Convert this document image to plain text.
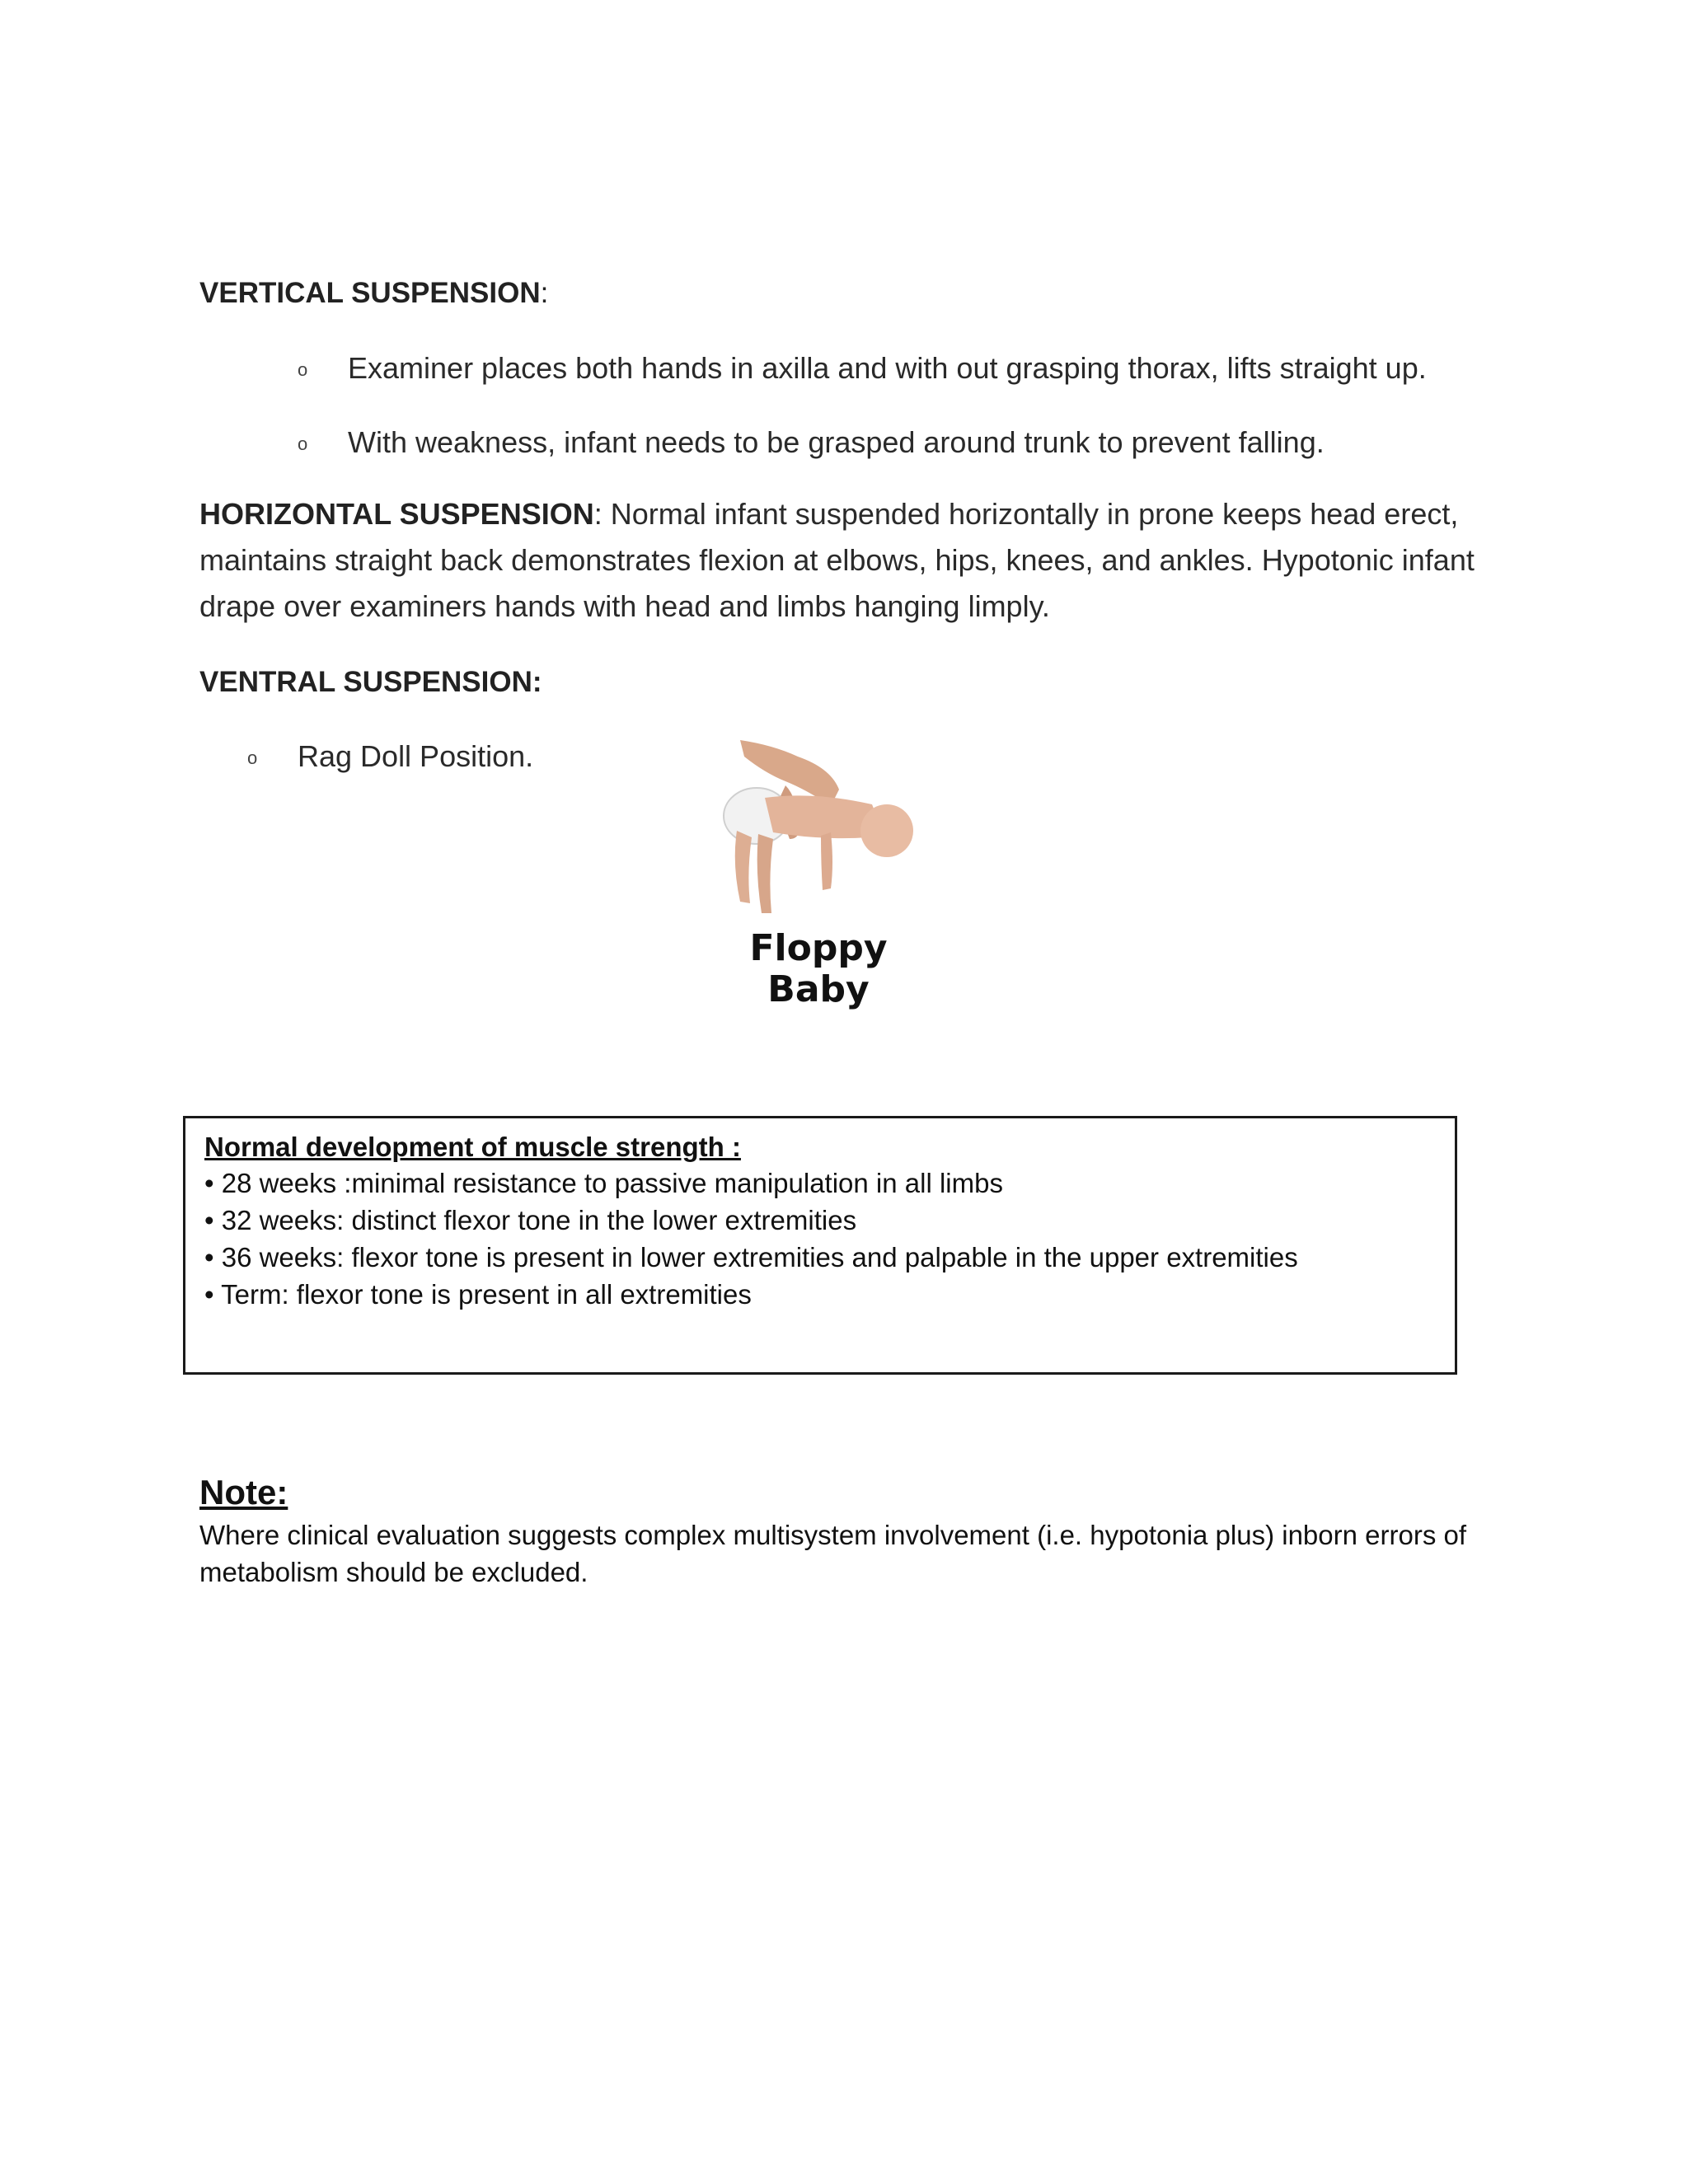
VERTICAL SUSPENSION:
o Examiner places both hands in axilla and with out grasping thorax, lifts straight up.
o With weakness, infant needs to be grasped around trunk to prevent falling.
HORIZONTAL SUSPENSION: Normal infant suspended horizontally in prone keeps head erect, maintains straight back demonstrates flexion at elbows, hips, knees, and ankles. Hypotonic infant drape over examiners hands with head and limbs hanging limply.
VENTRAL SUSPENSION:
o Rag Doll Position.
Floppy
Baby
Normal development of muscle strength :
• 28 weeks :minimal resistance to passive manipulation in all limbs
• 32 weeks: distinct flexor tone in the lower extremities
• 36 weeks: flexor tone is present in lower extremities and palpable in the upper extremities
• Term: flexor tone is present in all extremities
Note:
Where clinical evaluation suggests complex multisystem involvement (i.e. hypotonia plus) inborn errors of metabolism should be excluded.
